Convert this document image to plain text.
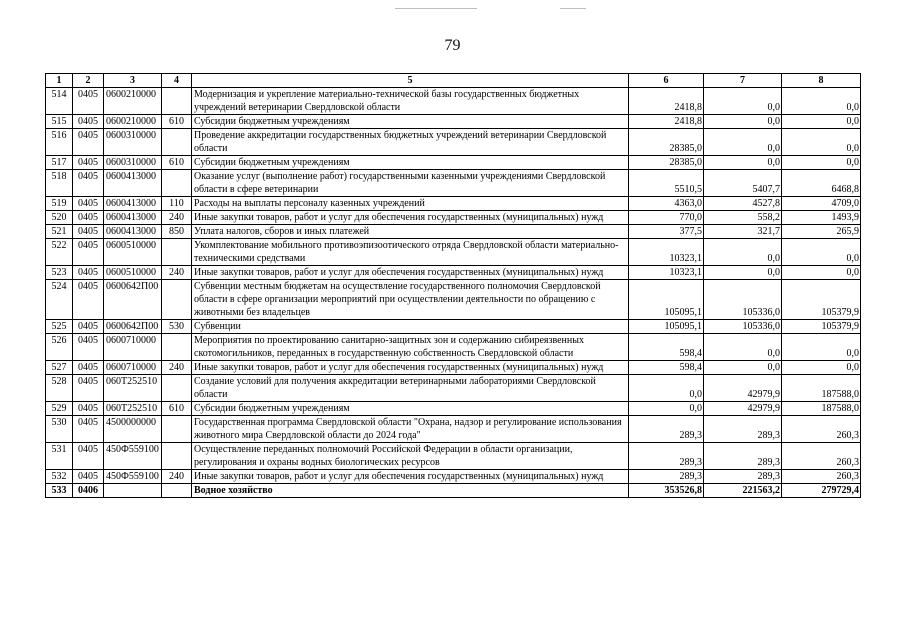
79
1	2	3	4	5	6	7	8
514	0405	0600210000		Модернизация и укрепление материально-технической базы государственных бюджетных учреждений ветеринарии Свердловской области	2418,8	0,0	0,0
515	0405	0600210000	610	Субсидии бюджетным учреждениям	2418,8	0,0	0,0
516	0405	0600310000		Проведение аккредитации государственных бюджетных учреждений ветеринарии Свердловской области	28385,0	0,0	0,0
517	0405	0600310000	610	Субсидии бюджетным учреждениям	28385,0	0,0	0,0
518	0405	0600413000		Оказание услуг (выполнение работ) государственными казенными учреждениями Свердловской области в сфере ветеринарии	5510,5	5407,7	6468,8
519	0405	0600413000	110	Расходы на выплаты персоналу казенных учреждений	4363,0	4527,8	4709,0
520	0405	0600413000	240	Иные закупки товаров, работ и услуг для обеспечения государственных (муниципальных) нужд	770,0	558,2	1493,9
521	0405	0600413000	850	Уплата налогов, сборов и иных платежей	377,5	321,7	265,9
522	0405	0600510000		Укомплектование мобильного противоэпизоотического отряда Свердловской области материально-техническими средствами	10323,1	0,0	0,0
523	0405	0600510000	240	Иные закупки товаров, работ и услуг для обеспечения государственных (муниципальных) нужд	10323,1	0,0	0,0
524	0405	0600642П00		Субвенции местным бюджетам на осуществление государственного полномочия Свердловской области в сфере организации мероприятий при осуществлении деятельности по обращению с животными без владельцев	105095,1	105336,0	105379,9
525	0405	0600642П00	530	Субвенции	105095,1	105336,0	105379,9
526	0405	0600710000		Мероприятия по проектированию санитарно-защитных зон и содержанию сибиреязвенных скотомогильников, переданных в государственную собственность Свердловской области	598,4	0,0	0,0
527	0405	0600710000	240	Иные закупки товаров, работ и услуг для обеспечения государственных (муниципальных) нужд	598,4	0,0	0,0
528	0405	060T252510		Создание условий для получения аккредитации ветеринарными лабораториями Свердловской области	0,0	42979,9	187588,0
529	0405	060T252510	610	Субсидии бюджетным учреждениям	0,0	42979,9	187588,0
530	0405	4500000000		Государственная программа Свердловской области "Охрана, надзор и регулирование использования животного мира Свердловской области до 2024 года"	289,3	289,3	260,3
531	0405	450Ф559100		Осуществление переданных полномочий Российской Федерации в области организации, регулирования и охраны водных биологических ресурсов	289,3	289,3	260,3
532	0405	450Ф559100	240	Иные закупки товаров, работ и услуг для обеспечения государственных (муниципальных) нужд	289,3	289,3	260,3
533	0406			Водное хозяйство	353526,8	221563,2	279729,4
